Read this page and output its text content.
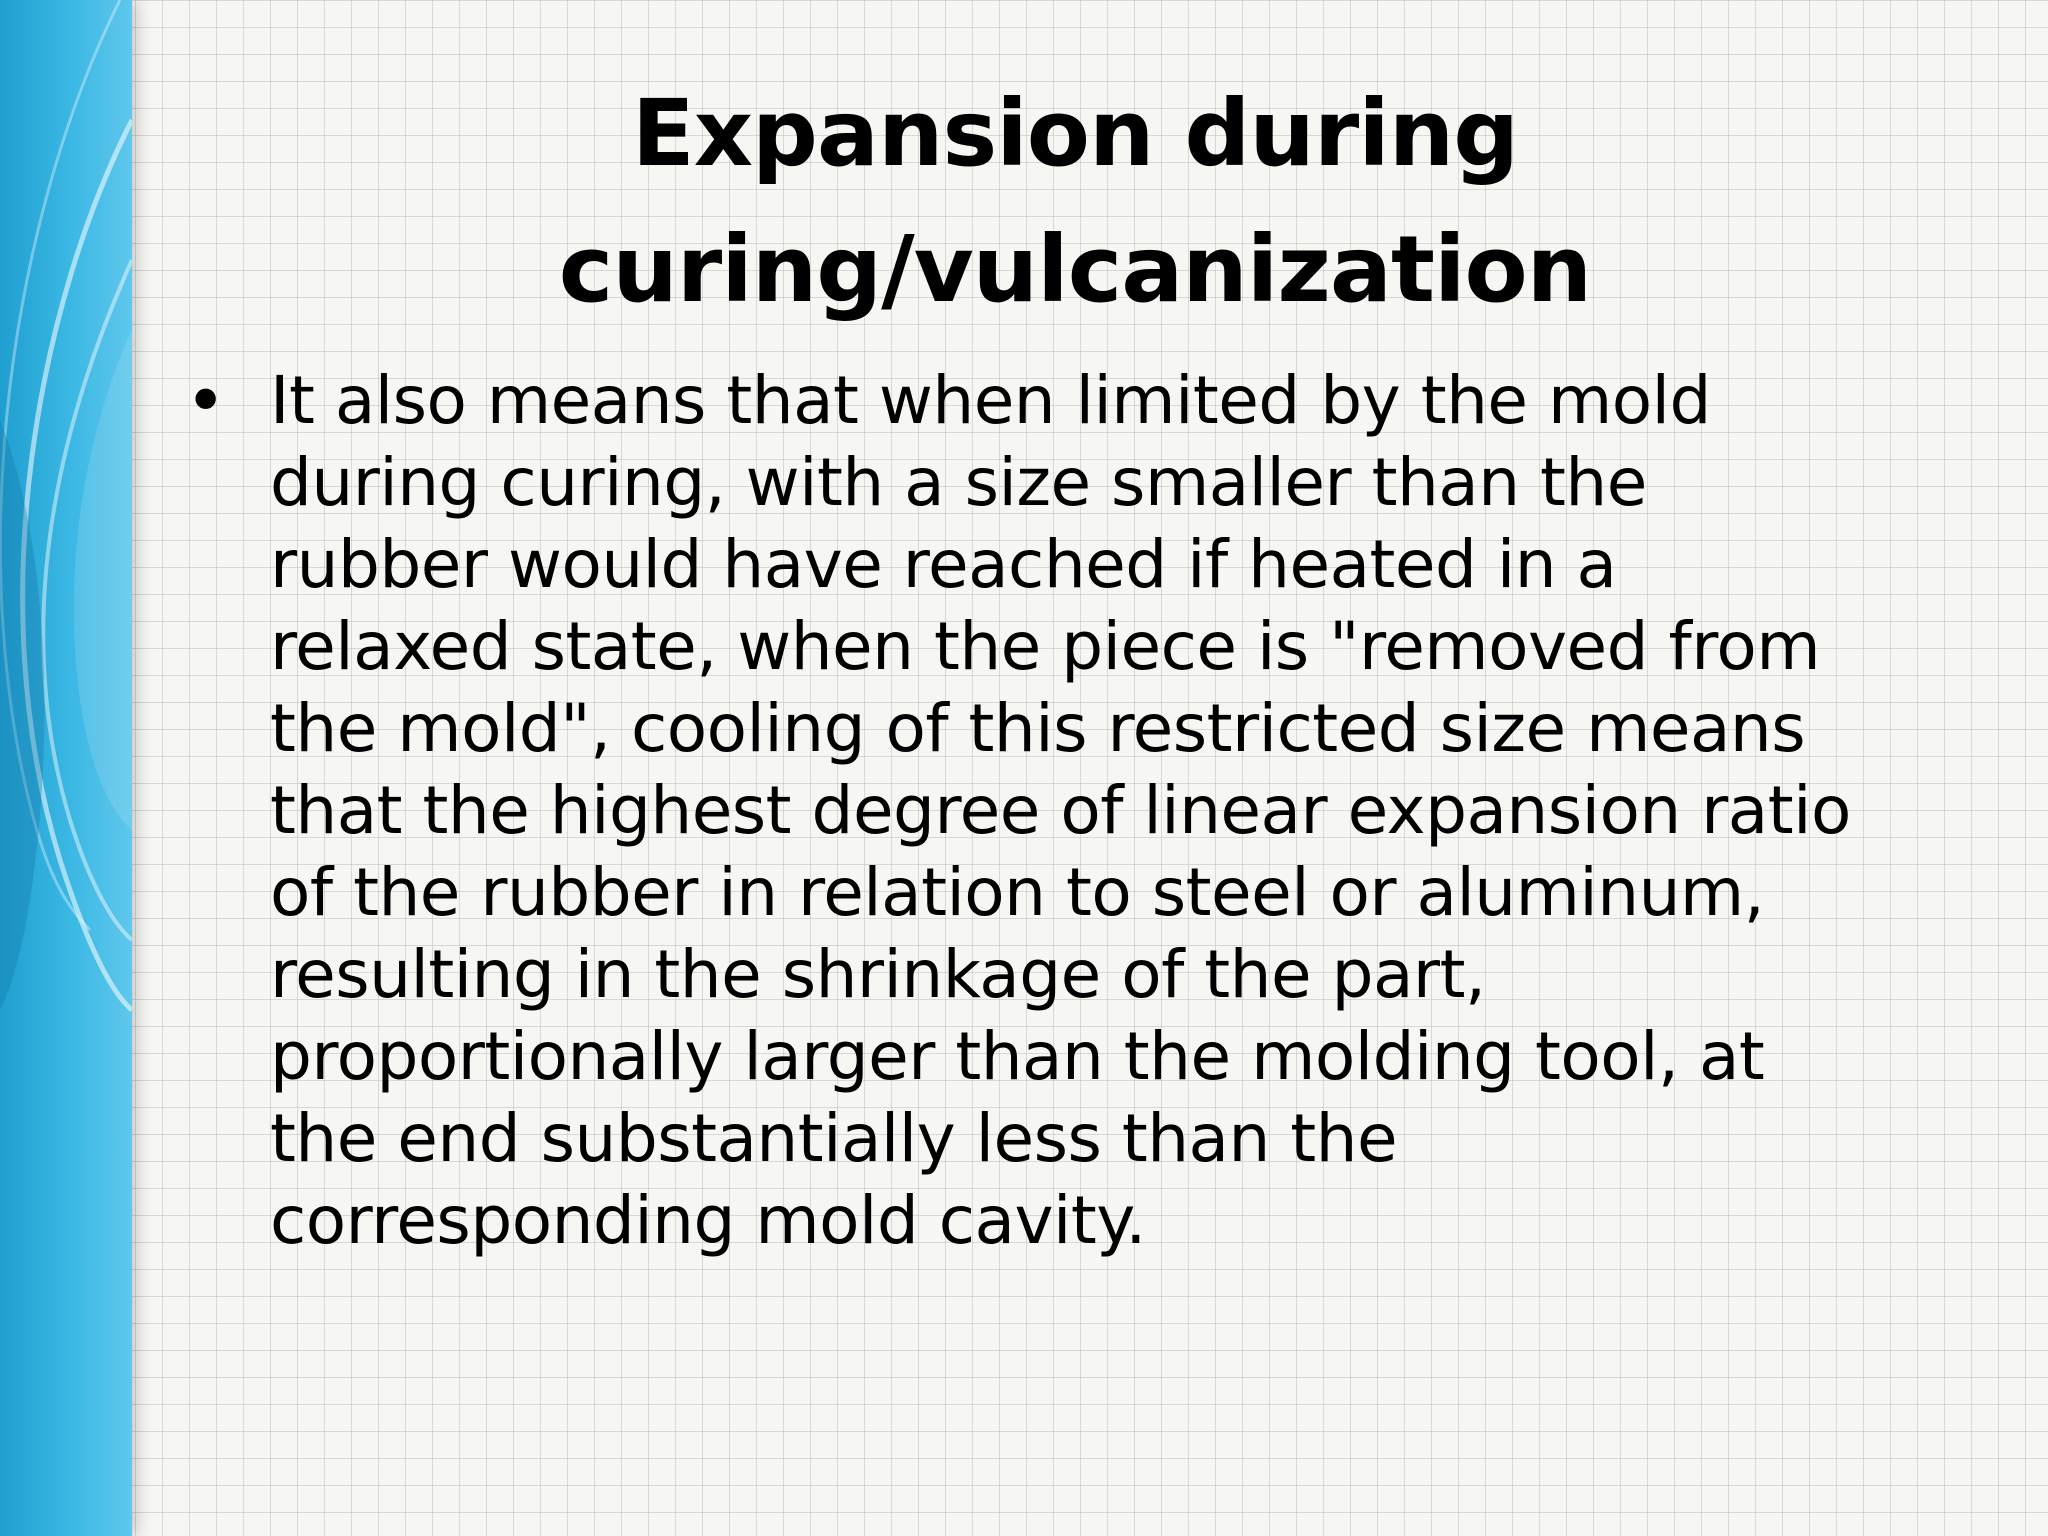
Expansion during
curing/vulcanization
• It also means that when limited by the mold
during curing, with a size smaller than the
rubber would have reached if heated in a
relaxed state, when the piece is "removed from
the mold", cooling of this restricted size means
that the highest degree of linear expansion ratio
of the rubber in relation to steel or aluminum,
resulting in the shrinkage of the part,
proportionally larger than the molding tool, at
the end substantially less than the
corresponding mold cavity.
